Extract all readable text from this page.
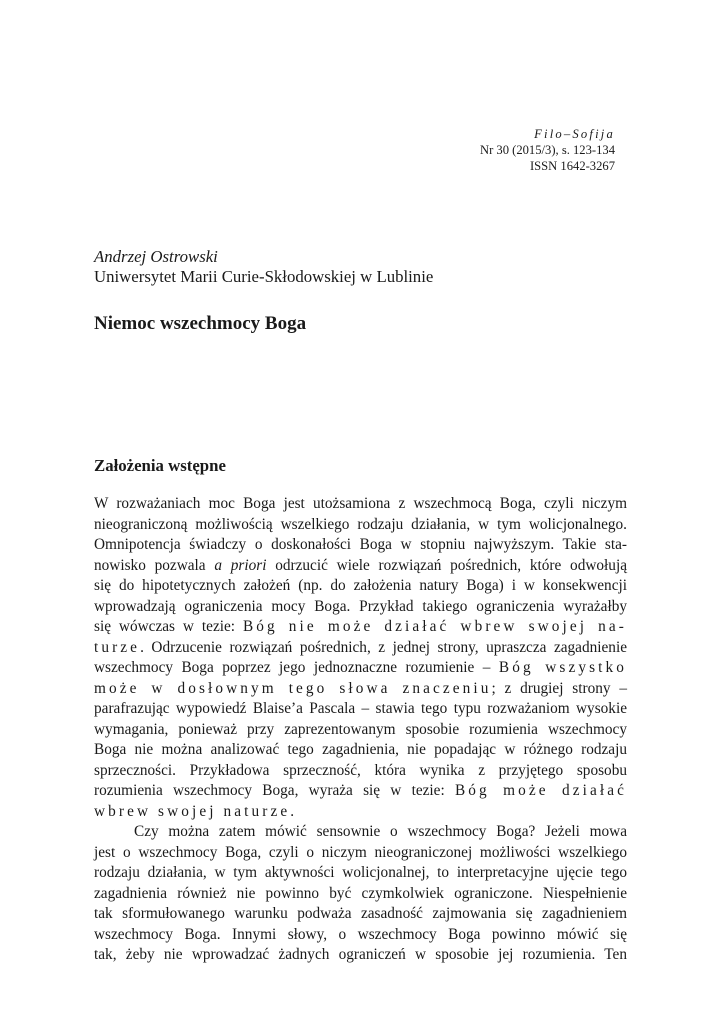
Filo–Sofija
Nr 30 (2015/3), s. 123-134
ISSN 1642-3267
Andrzej Ostrowski
Uniwersytet Marii Curie-Skłodowskiej w Lublinie
Niemoc wszechmocy Boga
Założenia wstępne
W rozważaniach moc Boga jest utożsamiona z wszechmocą Boga, czyli niczym
nieograniczoną możliwością wszelkiego rodzaju działania, w tym wolicjonalnego.
Omnipotencja świadczy o doskonałości Boga w stopniu najwyższym. Takie sta-
nowisko pozwala a priori odrzucić wiele rozwiązań pośrednich, które odwołują
się do hipotetycznych założeń (np. do założenia natury Boga) i w konsekwencji
wprowadzają ograniczenia mocy Boga. Przykład takiego ograniczenia wyrażałby
się wówczas w tezie: Bóg nie może działać wbrew swojej na-
turze. Odrzucenie rozwiązań pośrednich, z jednej strony, upraszcza zagadnienie
wszechmocy Boga poprzez jego jednoznaczne rozumienie – Bóg wszystko
może w dosłownym tego słowa znaczeniu; z drugiej strony –
parafrazując wypowiedź Blaise’a Pascala – stawia tego typu rozważaniom wysokie
wymagania, ponieważ przy zaprezentowanym sposobie rozumienia wszechmocy
Boga nie można analizować tego zagadnienia, nie popadając w różnego rodzaju
sprzeczności. Przykładowa sprzeczność, która wynika z przyjętego sposobu
rozumienia wszechmocy Boga, wyraża się w tezie: Bóg może działać
wbrew swojej naturze.
Czy można zatem mówić sensownie o wszechmocy Boga? Jeżeli mowa
jest o wszechmocy Boga, czyli o niczym nieograniczonej możliwości wszelkiego
rodzaju działania, w tym aktywności wolicjonalnej, to interpretacyjne ujęcie tego
zagadnienia również nie powinno być czymkolwiek ograniczone. Niespełnienie
tak sformułowanego warunku podważa zasadność zajmowania się zagadnieniem
wszechmocy Boga. Innymi słowy, o wszechmocy Boga powinno mówić się
tak, żeby nie wprowadzać żadnych ograniczeń w sposobie jej rozumienia. Ten
